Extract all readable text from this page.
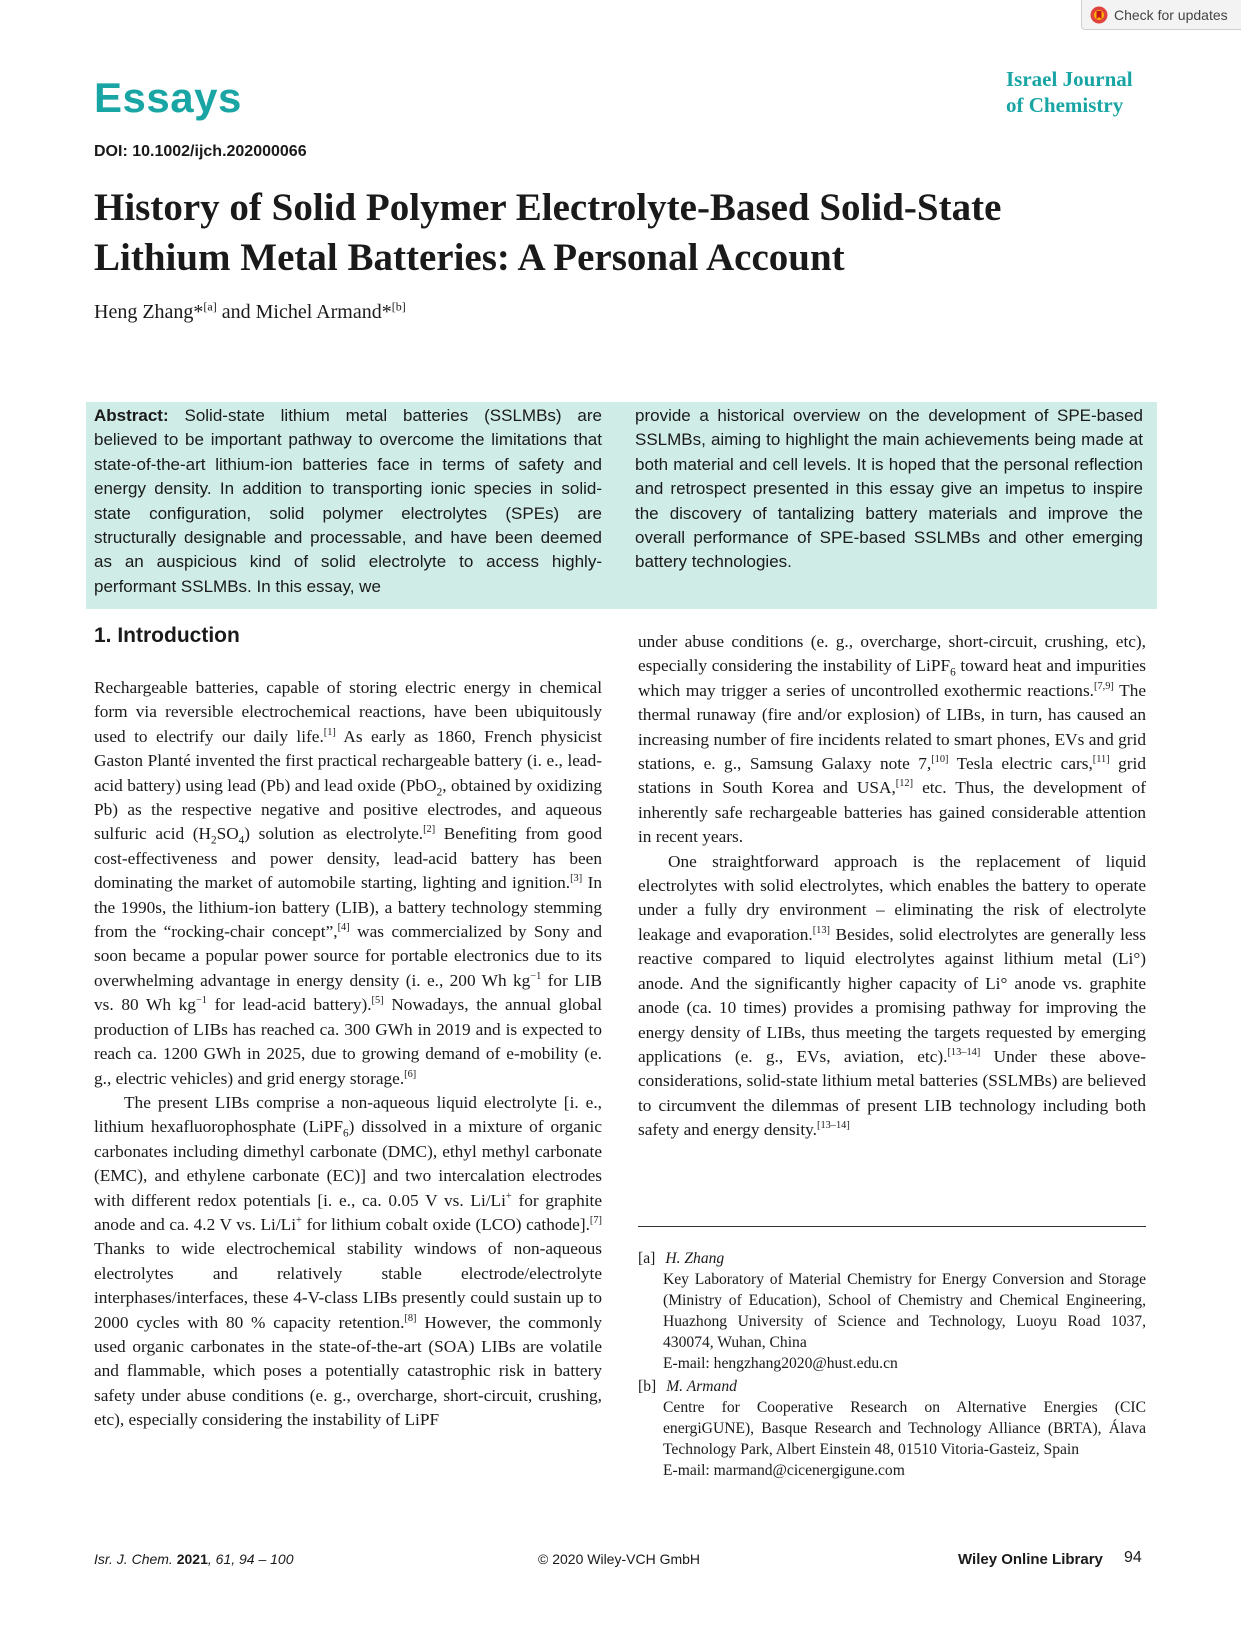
Check for updates
Essays	Israel Journal
of Chemistry
DOI: 10.1002/ijch.202000066
History of Solid Polymer Electrolyte-Based Solid-State
Lithium Metal Batteries: A Personal Account
Heng Zhang*[a] and Michel Armand*[b]

Abstract: Solid-state lithium metal batteries (SSLMBs) are believed to be important pathway to overcome the limitations that state-of-the-art lithium-ion batteries face in terms of safety and energy density. In addition to transporting ionic species in solid-state configuration, solid polymer electrolytes (SPEs) are structurally designable and processable, and have been deemed as an auspicious kind of solid electrolyte to access highly-performant SSLMBs. In this essay, we

provide a historical overview on the development of SPE-based SSLMBs, aiming to highlight the main achievements being made at both material and cell levels. It is hoped that the personal reflection and retrospect presented in this essay give an impetus to inspire the discovery of tantalizing battery materials and improve the overall performance of SPE-based SSLMBs and other emerging battery technologies.

1. Introduction

Rechargeable batteries, capable of storing electric energy in chemical form via reversible electrochemical reactions, have been ubiquitously used to electrify our daily life.[1] As early as 1860, French physicist Gaston Planté invented the first practical rechargeable battery (i. e., lead-acid battery) using lead (Pb) and lead oxide (PbO$_2$, obtained by oxidizing Pb) as the respective negative and positive electrodes, and aqueous sulfuric acid $(H_2SO_4)$ solution as electrolyte.[2] Benefiting from good cost-effectiveness and power density, lead-acid battery has been dominating the market of automobile starting, lighting and ignition.[3] In the 1990s, the lithium-ion battery (LIB), a battery technology stemming from the “rocking-chair concept”,[4] was commercialized by Sony and soon became a popular power source for portable electronics due to its overwhelming advantage in energy density (i. e., 200 Wh $kg^{-1}$ for LIB vs. 80 Wh $kg^{-1}$ for lead-acid battery).[5] Nowadays, the annual global production of LIBs has reached ca. 300 GWh in 2019 and is expected to reach ca. 1200 GWh in 2025, due to growing demand of e-mobility (e. g., electric vehicles) and grid energy storage.[6]

The present LIBs comprise a non-aqueous liquid electrolyte [i. e., lithium hexafluorophosphate (LiPF$_6$) dissolved in a mixture of organic carbonates including dimethyl carbonate (DMC), ethyl methyl carbonate (EMC), and ethylene carbonate (EC)] and two intercalation electrodes with different redox potentials [i. e., ca. 0.05 V vs. Li/Li+ for graphite anode and ca. 4.2 V vs. Li/Li+ for lithium cobalt oxide (LCO) cathode].[7] Thanks to wide electrochemical stability windows of non-aqueous electrolytes and relatively stable electrode/electrolyte interphases/interfaces, these 4-V-class LIBs presently could sustain up to 2000 cycles with 80 % capacity retention.[8] However, the commonly used organic carbonates in the state-of-the-art (SOA) LIBs are volatile and flammable, which poses a potentially catastrophic risk in battery safety under abuse conditions (e. g., overcharge, short-circuit, crushing, etc), especially considering the instability of LiPF

under abuse conditions (e. g., overcharge, short-circuit, crushing, etc), especially considering the instability of LiPF$_6$ toward heat and impurities which may trigger a series of uncontrolled exothermic reactions.[7,9] The thermal runaway (fire and/or explosion) of LIBs, in turn, has caused an increasing number of fire incidents related to smart phones, EVs and grid stations, e. g., Samsung Galaxy note 7,[10] Tesla electric cars,[11] grid stations in South Korea and USA,[12] etc. Thus, the development of inherently safe rechargeable batteries has gained considerable attention in recent years.

One straightforward approach is the replacement of liquid electrolytes with solid electrolytes, which enables the battery to operate under a fully dry environment – eliminating the risk of electrolyte leakage and evaporation.[13] Besides, solid electrolytes are generally less reactive compared to liquid electrolytes against lithium metal (Li°) anode. And the significantly higher capacity of Li° anode vs. graphite anode (ca. 10 times) provides a promising pathway for improving the energy density of LIBs, thus meeting the targets requested by emerging applications (e. g., EVs, aviation, etc).[13–14] Under these above-considerations, solid-state lithium metal batteries (SSLMBs) are believed to circumvent the dilemmas of present LIB technology including both safety and energy density.[13–14]

[a] H. Zhang
Key Laboratory of Material Chemistry for Energy Conversion and Storage (Ministry of Education), School of Chemistry and Chemical Engineering, Huazhong University of Science and Technology, Luoyu Road 1037, 430074, Wuhan, China
E-mail: hengzhang2020@hust.edu.cn
[b] M. Armand
Centre for Cooperative Research on Alternative Energies (CIC energiGUNE), Basque Research and Technology Alliance (BRTA), Álava Technology Park, Albert Einstein 48, 01510 Vitoria-Gasteiz, Spain
E-mail: marmand@cicenergigune.com
Isr. J. Chem. 2021, 61, 94 – 100	© 2020 Wiley-VCH GmbH	Wiley Online Library 94
